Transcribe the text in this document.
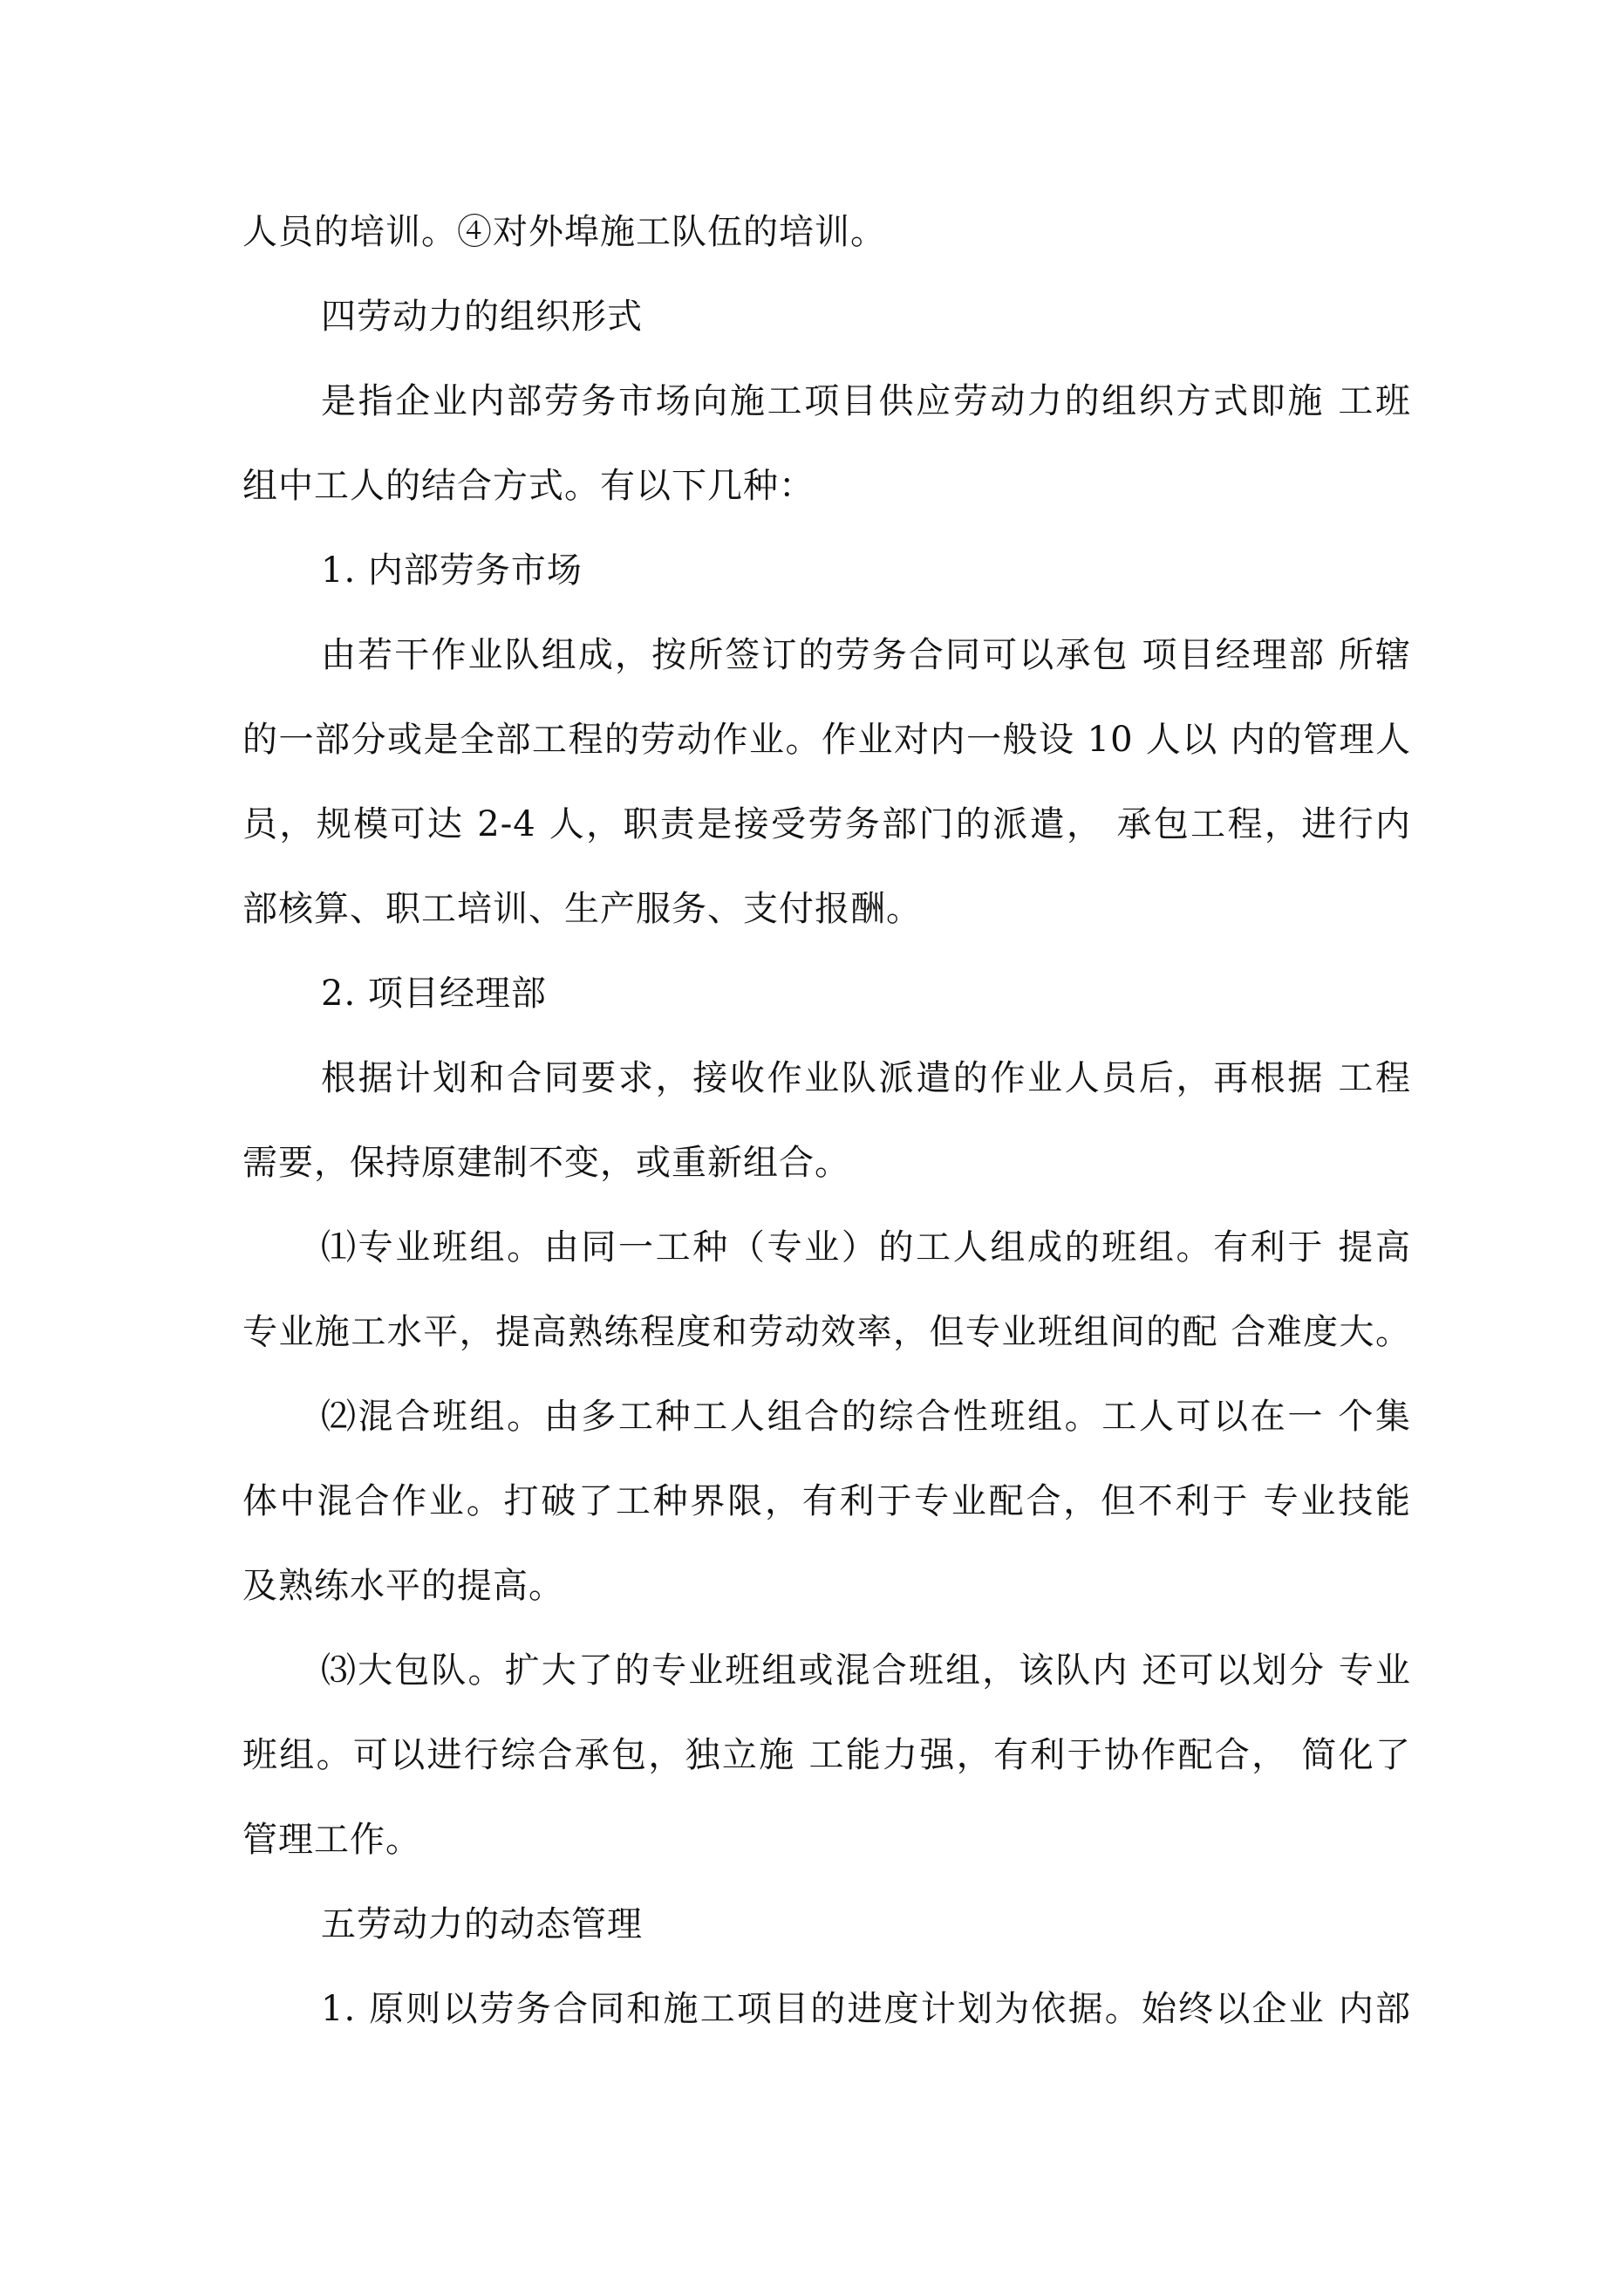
人员的培训。④对外埠施工队伍的培训。
四劳动力的组织形式
是指企业内部劳务市场向施工项目供应劳动力的组织方式即施 工班
组中工人的结合方式。有以下几种：
1. 内部劳务市场
由若干作业队组成，按所签订的劳务合同可以承包 项目经理部 所辖
的一部分或是全部工程的劳动作业。作业对内一般设 10 人以 内的管理人
员，规模可达 2-4 人，职责是接受劳务部门的派遣， 承包工程，进行内
部核算、职工培训、生产服务、支付报酬。
2. 项目经理部
根据计划和合同要求，接收作业队派遣的作业人员后，再根据 工程
需要，保持原建制不变，或重新组合。
⑴专业班组。由同一工种（专业）的工人组成的班组。有利于 提高
专业施工水平，提高熟练程度和劳动效率，但专业班组间的配 合难度大。
⑵混合班组。由多工种工人组合的综合性班组。工人可以在一 个集
体中混合作业。打破了工种界限，有利于专业配合，但不利于 专业技能
及熟练水平的提高。
⑶大包队。扩大了的专业班组或混合班组，该队内 还可以划分 专业
班组。可以进行综合承包，独立施 工能力强，有利于协作配合， 简化了
管理工作。
五劳动力的动态管理
1. 原则以劳务合同和施工项目的进度计划为依据。始终以企业 内部
